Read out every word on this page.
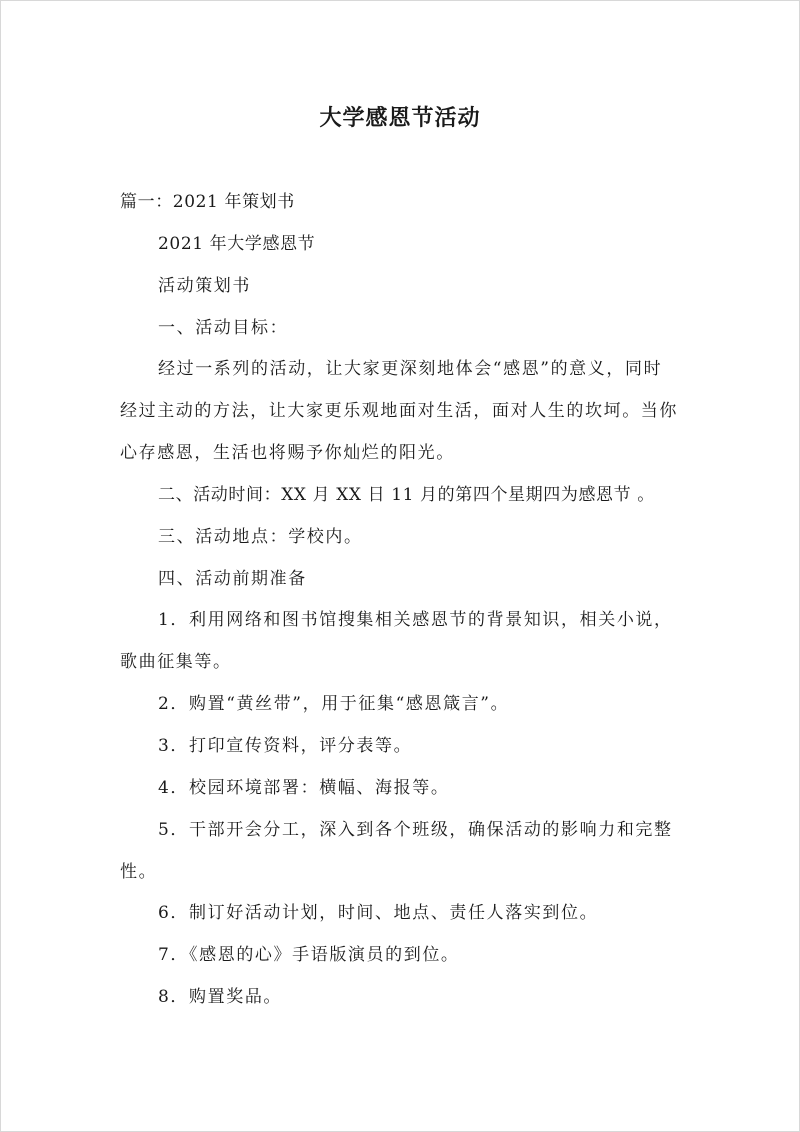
大学感恩节活动
篇一：2021 年策划书
2021 年大学感恩节
活动策划书
一、活动目标：
经过一系列的活动，让大家更深刻地体会“感恩”的意义，同时
经过主动的方法，让大家更乐观地面对生活，面对人生的坎坷。当你
心存感恩，生活也将赐予你灿烂的阳光。
二、活动时间：XX 月 XX 日 11 月的第四个星期四为感恩节 。
三、活动地点：学校内。
四、活动前期准备
1．利用网络和图书馆搜集相关感恩节的背景知识，相关小说，
歌曲征集等。
2．购置“黄丝带”，用于征集“感恩箴言”。
3．打印宣传资料，评分表等。
4．校园环境部署：横幅、海报等。
5．干部开会分工，深入到各个班级，确保活动的影响力和完整
性。
6．制订好活动计划，时间、地点、责任人落实到位。
7．《感恩的心》手语版演员的到位。
8．购置奖品。
